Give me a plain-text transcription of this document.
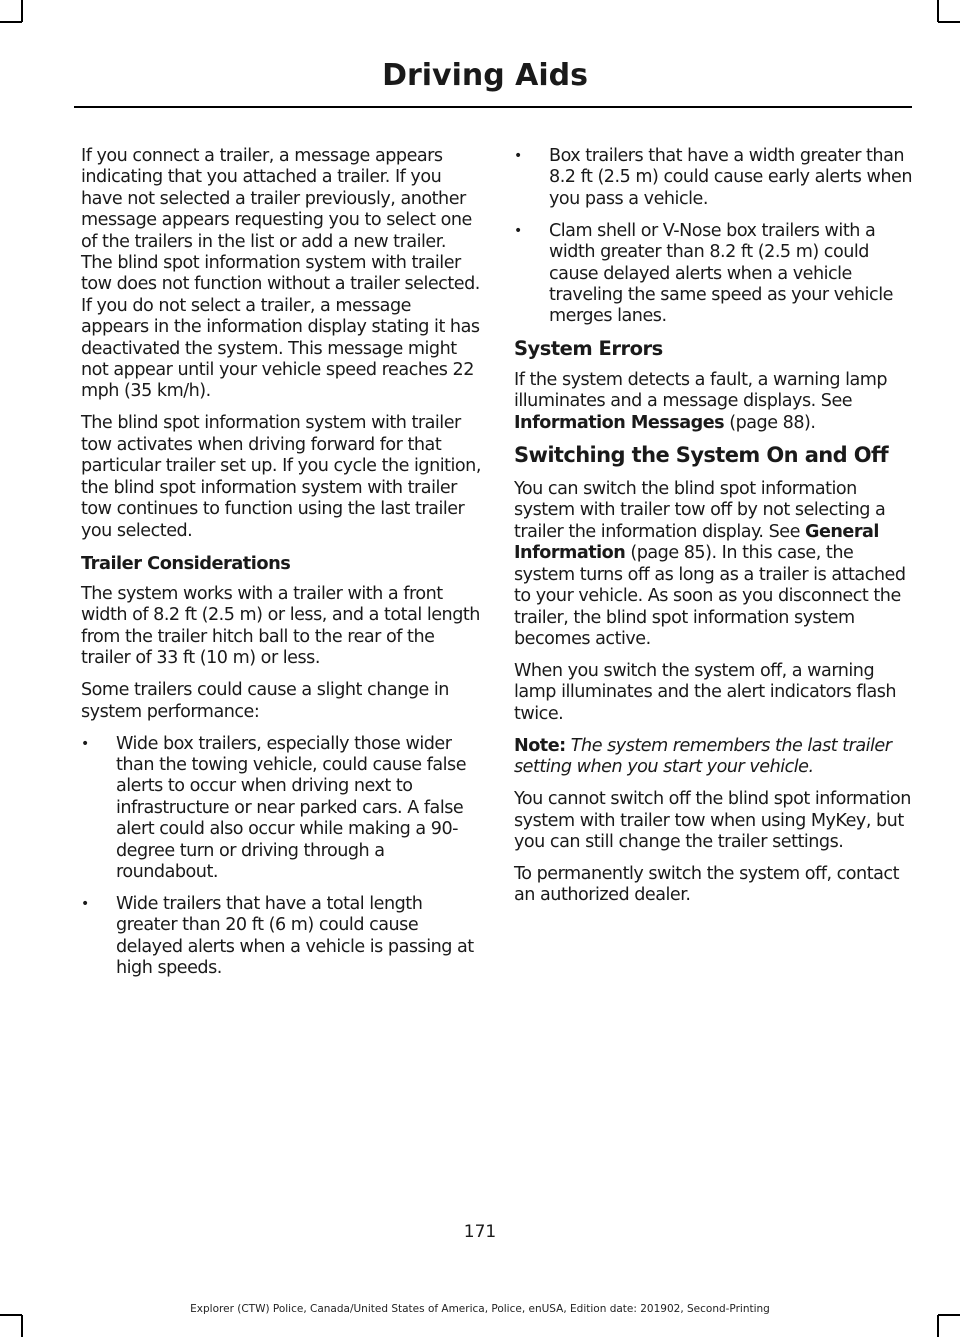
Driving Aids

If you connect a trailer, a message appears indicating that you attached a trailer. If you have not selected a trailer previously, another message appears requesting you to select one of the trailers in the list or add a new trailer. The blind spot information system with trailer tow does not function without a trailer selected. If you do not select a trailer, a message appears in the information display stating it has deactivated the system. This message might not appear until your vehicle speed reaches 22 mph (35 km/h).

The blind spot information system with trailer tow activates when driving forward for that particular trailer set up. If you cycle the ignition, the blind spot information system with trailer tow continues to function using the last trailer you selected.

Trailer Considerations

The system works with a trailer with a front width of 8.2 ft (2.5 m) or less, and a total length from the trailer hitch ball to the rear of the trailer of 33 ft (10 m) or less.

Some trailers could cause a slight change in system performance:

• Wide box trailers, especially those wider than the towing vehicle, could cause false alerts to occur when driving next to infrastructure or near parked cars. A false alert could also occur while making a 90-degree turn or driving through a roundabout.
• Wide trailers that have a total length greater than 20 ft (6 m) could cause delayed alerts when a vehicle is passing at high speeds.
• Box trailers that have a width greater than 8.2 ft (2.5 m) could cause early alerts when you pass a vehicle.
• Clam shell or V-Nose box trailers with a width greater than 8.2 ft (2.5 m) could cause delayed alerts when a vehicle traveling the same speed as your vehicle merges lanes.
System Errors

If the system detects a fault, a warning lamp illuminates and a message displays. See Information Messages (page 88).

Switching the System On and Off

You can switch the blind spot information system with trailer tow off by not selecting a trailer the information display. See General Information (page 85). In this case, the system turns off as long as a trailer is attached to your vehicle. As soon as you disconnect the trailer, the blind spot information system becomes active.

When you switch the system off, a warning lamp illuminates and the alert indicators flash twice.

Note: The system remembers the last trailer setting when you start your vehicle.

You cannot switch off the blind spot information system with trailer tow when using MyKey, but you can still change the trailer settings.

To permanently switch the system off, contact an authorized dealer.

171
Explorer (CTW) Police, Canada/United States of America, Police, enUSA, Edition date: 201902, Second-Printing
